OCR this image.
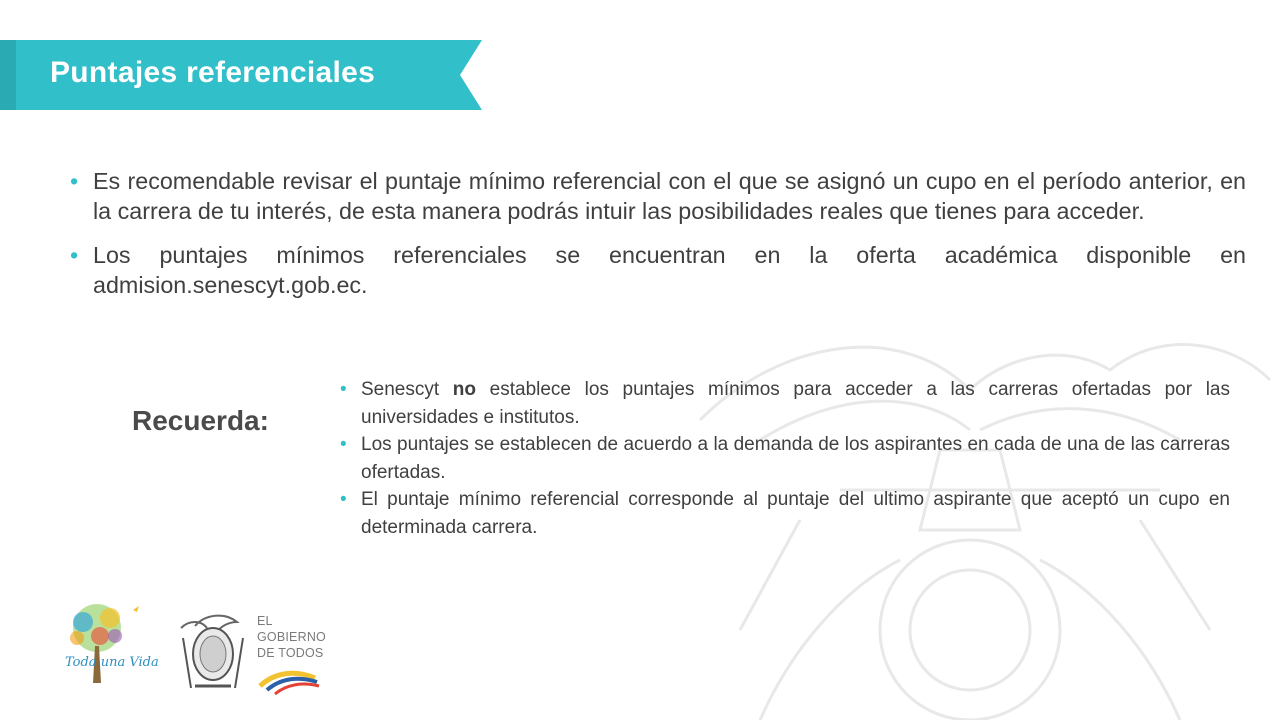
Puntajes referenciales
• Es recomendable revisar el puntaje mínimo referencial con el que se asignó un cupo en el período anterior, en la carrera de tu interés, de esta manera podrás intuir las posibilidades reales que tienes para acceder.
• Los puntajes mínimos referenciales se encuentran en la oferta académica disponible en admision.senescyt.gob.ec.
Recuerda:
• Senescyt no establece los puntajes mínimos para acceder a las carreras ofertadas por las universidades e institutos.
• Los puntajes se establecen de acuerdo a la demanda de los aspirantes en cada de una de las carreras ofertadas.
• El puntaje mínimo referencial corresponde al puntaje del ultimo aspirante que aceptó un cupo en determinada carrera.
Toda una Vida
EL
GOBIERNO
DE TODOS
